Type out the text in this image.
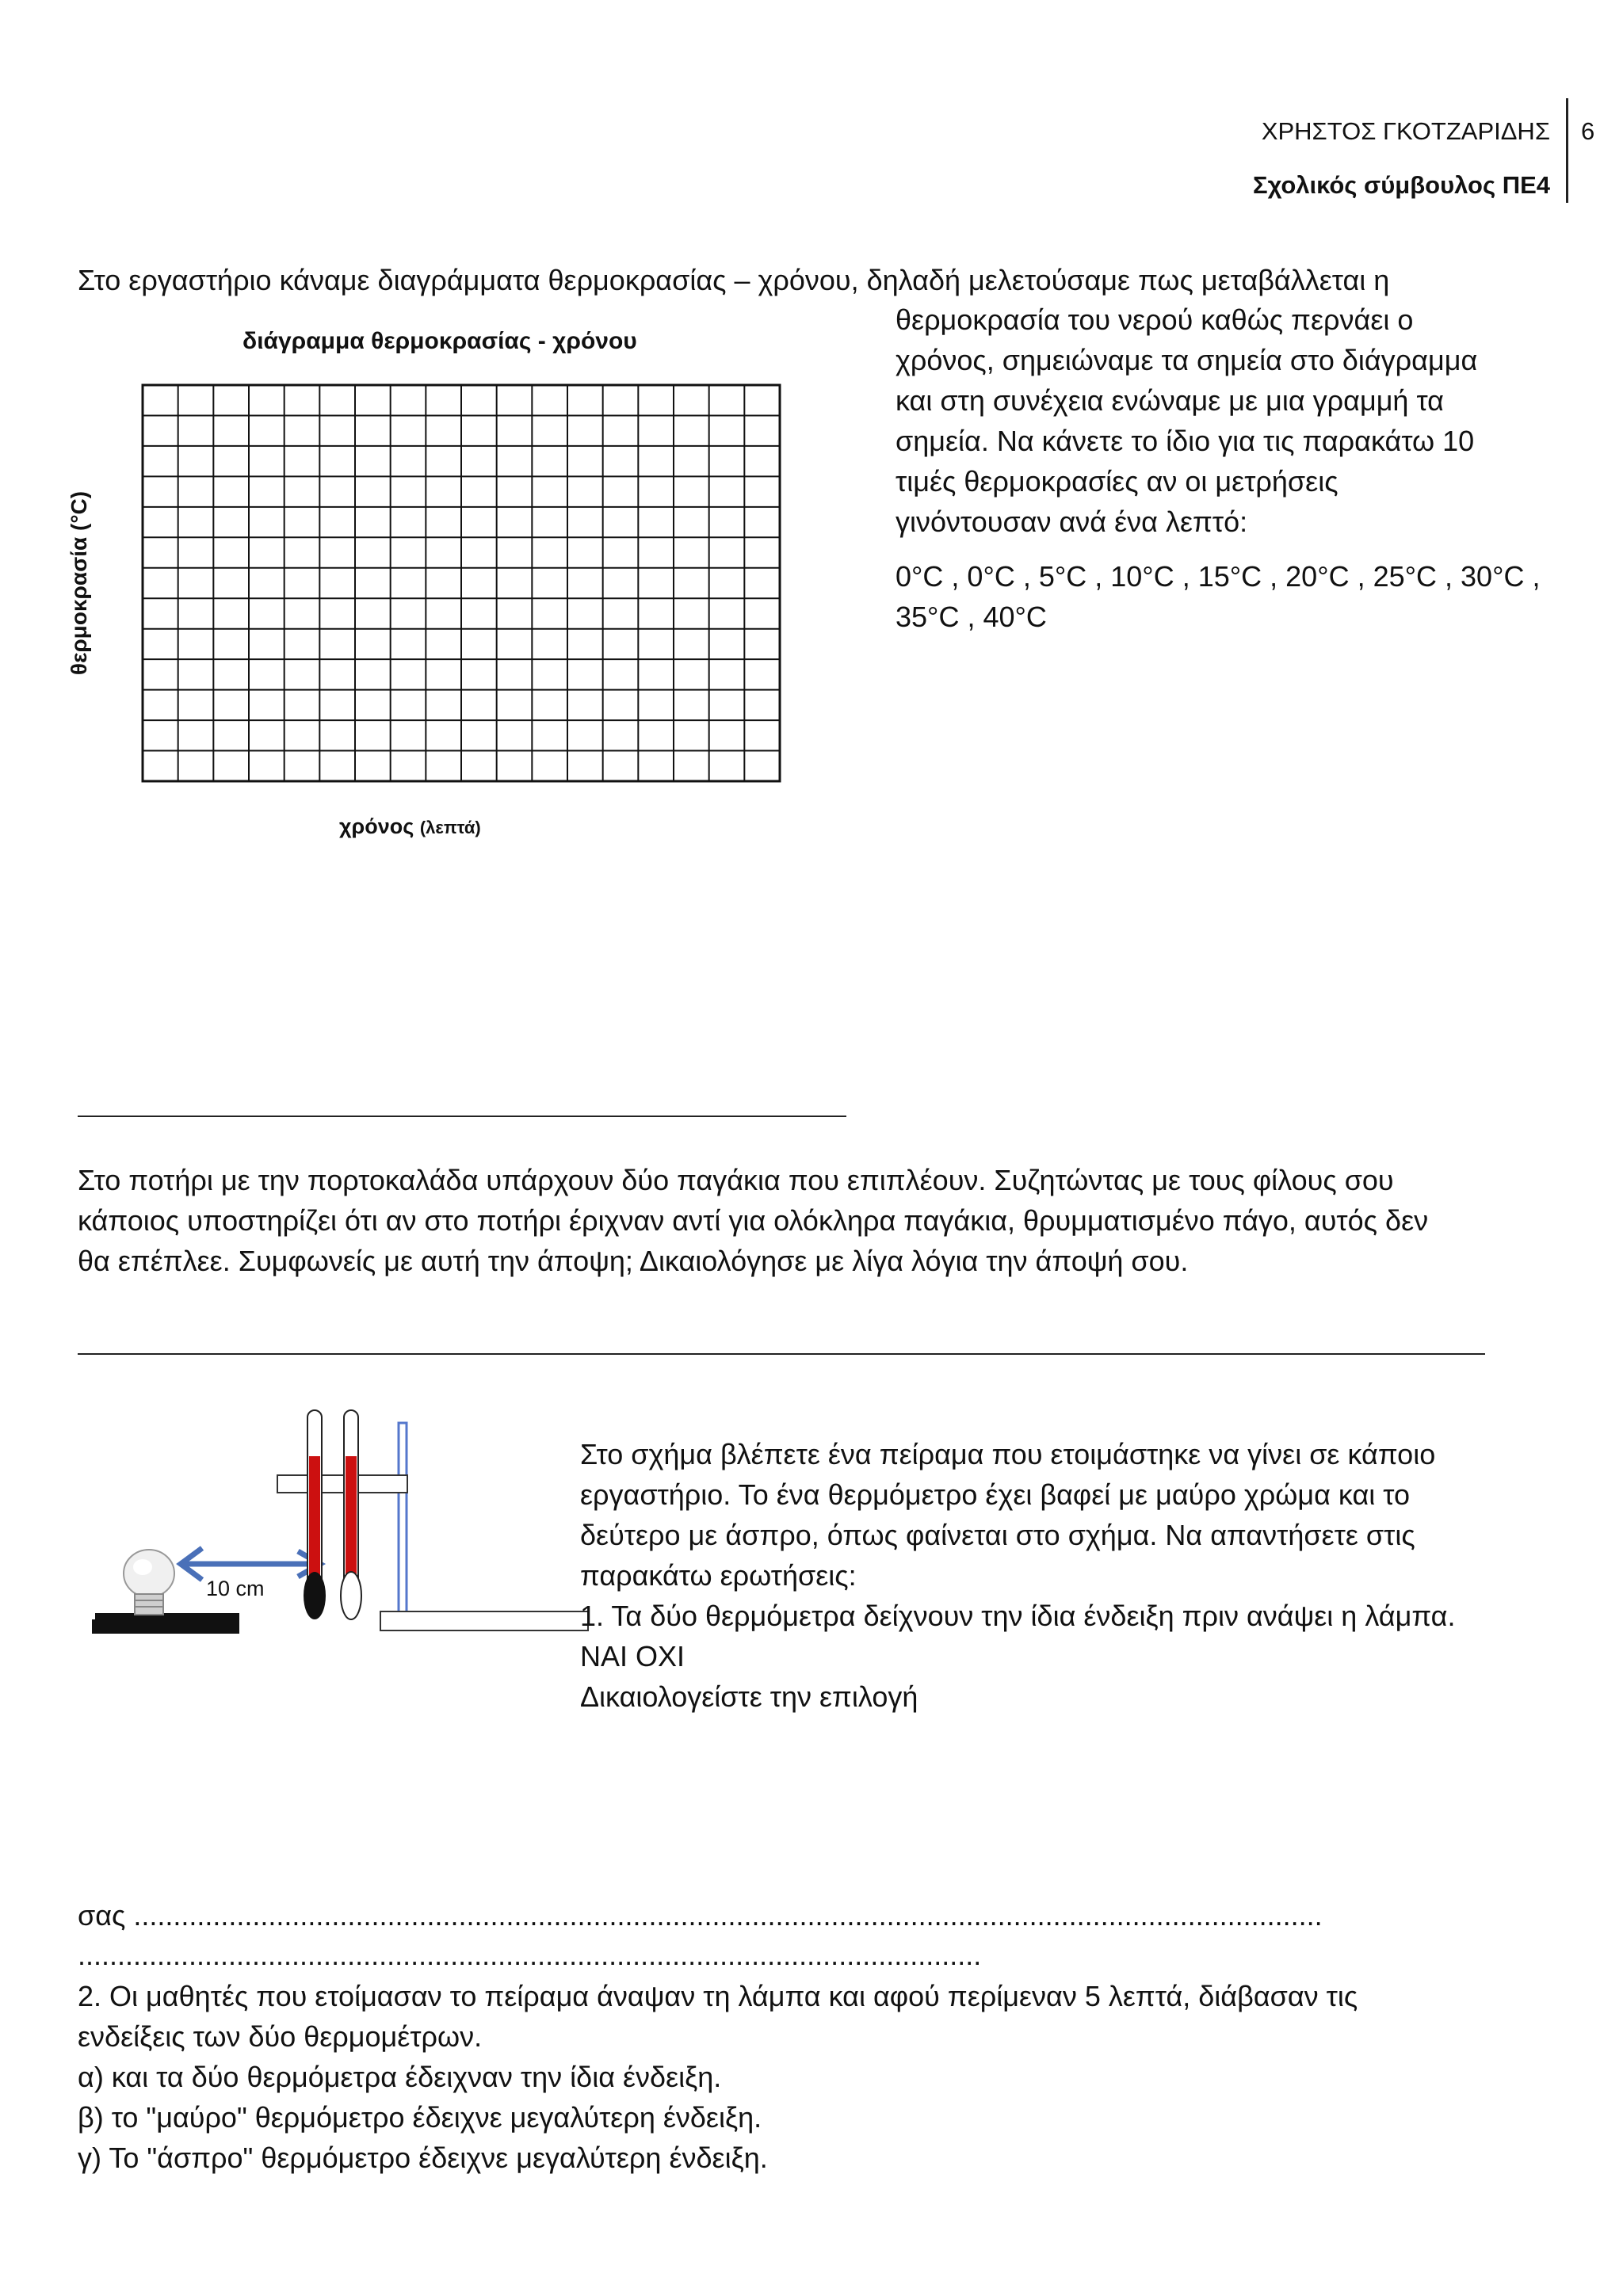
ΧΡΗΣΤΟΣ ΓΚΟΤΖΑΡΙΔΗΣ
Σχολικός σύμβουλος ΠΕ4
6
Στο εργαστήριο κάναμε διαγράμματα θερμοκρασίας – χρόνου, δηλαδή μελετούσαμε πως μεταβάλλεται η
θερμοκρασία του νερού καθώς περνάει ο
χρόνος, σημειώναμε τα σημεία στο διάγραμμα
και στη συνέχεια ενώναμε με μια γραμμή τα
σημεία. Να κάνετε το ίδιο για τις παρακάτω 10
τιμές θερμοκρασίες αν οι μετρήσεις
γινόντουσαν ανά ένα λεπτό:
0°C , 0°C , 5°C , 10°C , 15°C , 20°C , 25°C , 30°C ,
35°C , 40°C
διάγραμμα θερμοκρασίας - χρόνου
θερμοκρασία (°C)
χρόνος (λεπτά)
Στο ποτήρι με την πορτοκαλάδα υπάρχουν δύο παγάκια που επιπλέουν. Συζητώντας με τους φίλους σου
κάποιος υποστηρίζει ότι αν στο ποτήρι έριχναν αντί για ολόκληρα παγάκια, θρυμματισμένο πάγο, αυτός δεν
θα επέπλεε. Συμφωνείς με αυτή την άποψη; Δικαιολόγησε με λίγα λόγια την άποψή σου.
10 cm
Στο σχήμα βλέπετε ένα πείραμα που ετοιμάστηκε να γίνει σε κάποιο
εργαστήριο. Το ένα θερμόμετρο έχει βαφεί με μαύρο χρώμα και το
δεύτερο με άσπρο, όπως φαίνεται στο σχήμα. Να απαντήσετε στις
παρακάτω ερωτήσεις:
1. Τα δύο θερμόμετρα δείχνουν την ίδια ένδειξη πριν ανάψει η λάμπα.
ΝΑΙ ΟΧΙ
Δικαιολογείστε την επιλογή
σας ......................................................................................................................................................
..................................................................................................................
2. Οι μαθητές που ετοίμασαν το πείραμα άναψαν τη λάμπα και αφού περίμεναν 5 λεπτά, διάβασαν τις
ενδείξεις των δύο θερμομέτρων.
α) και τα δύο θερμόμετρα έδειχναν την ίδια ένδειξη.
β) το "μαύρο" θερμόμετρο έδειχνε μεγαλύτερη ένδειξη.
γ) Το "άσπρο" θερμόμετρο έδειχνε μεγαλύτερη ένδειξη.
